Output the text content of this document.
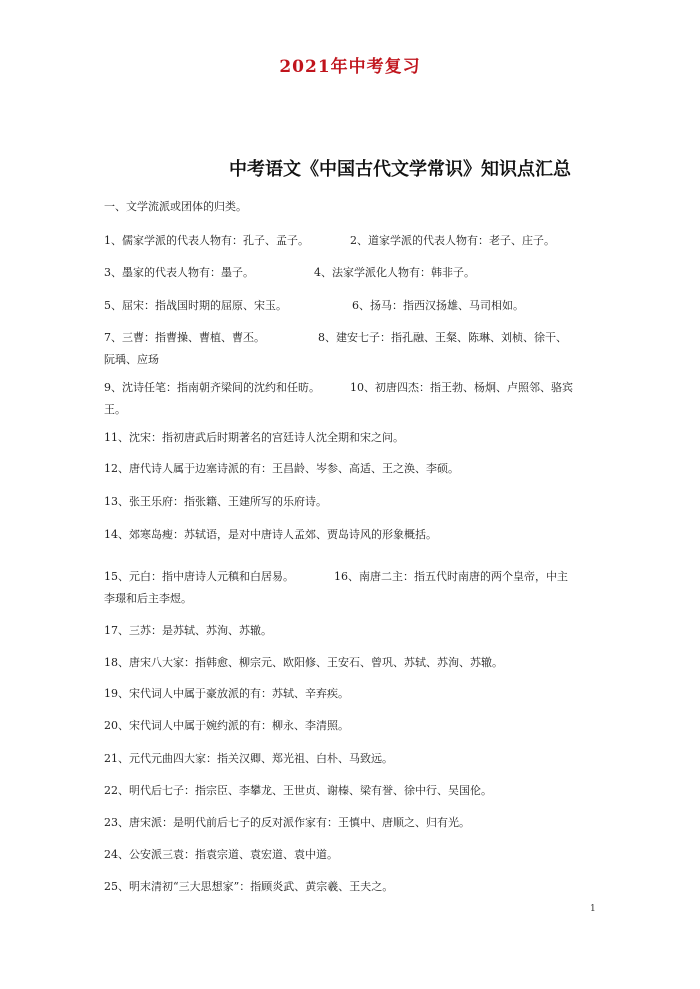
2021年中考复习
中考语文《中国古代文学常识》知识点汇总
一、文学流派或团体的归类。
1、儒家学派的代表人物有：孔子、孟子。	2、道家学派的代表人物有：老子、庄子。
3、墨家的代表人物有：墨子。	4、法家学派化人物有：韩非子。
5、屈宋：指战国时期的屈原、宋玉。	6、扬马：指西汉扬雄、马司相如。
7、三曹：指曹操、曹植、曹丕。	8、建安七子：指孔融、王粲、陈琳、刘桢、徐干、
阮瑀、应玚
9、沈诗任笔：指南朝齐梁间的沈约和任昉。	10、初唐四杰：指王勃、杨炯、卢照邻、骆宾
王。
11、沈宋：指初唐武后时期著名的宫廷诗人沈全期和宋之问。
12、唐代诗人属于边塞诗派的有：王昌龄、岑参、高适、王之涣、李硕。
13、张王乐府：指张籍、王建所写的乐府诗。
14、郊寒岛瘦：苏轼语，是对中唐诗人孟郊、贾岛诗风的形象概括。
15、元白：指中唐诗人元稹和白居易。	16、南唐二主：指五代时南唐的两个皇帝，中主
李璟和后主李煜。
17、三苏：是苏轼、苏洵、苏辙。
18、唐宋八大家：指韩愈、柳宗元、欧阳修、王安石、曾巩、苏轼、苏洵、苏辙。
19、宋代词人中属于豪放派的有：苏轼、辛弃疾。
20、宋代词人中属于婉约派的有：柳永、李清照。
21、元代元曲四大家：指关汉卿、郑光祖、白朴、马致远。
22、明代后七子：指宗臣、李攀龙、王世贞、谢榛、梁有誉、徐中行、吴国伦。
23、唐宋派：是明代前后七子的反对派作家有：王慎中、唐顺之、归有光。
24、公安派三袁：指袁宗道、袁宏道、袁中道。
25、明末清初“三大思想家”：指顾炎武、黄宗羲、王夫之。
1
